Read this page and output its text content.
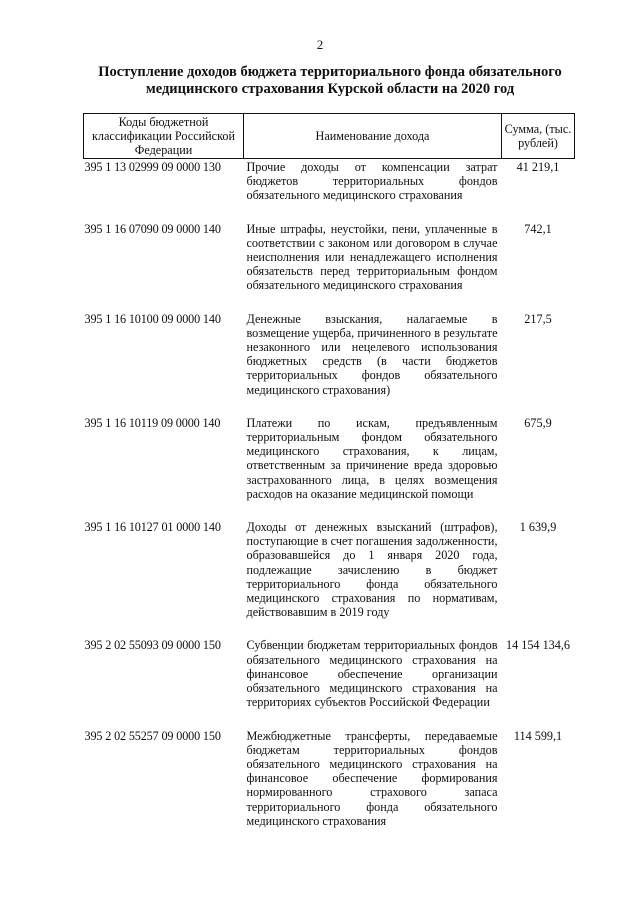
2
Поступление доходов бюджета территориального фонда обязательного
медицинского страхования Курской области на 2020 год
Коды бюджетной классификации Российской Федерации	Наименование дохода	Сумма, (тыс. рублей)
395 1 13 02999 09 0000 130	Прочие доходы от компенсации затрат бюджетов территориальных фондов обязательного медицинского страхования	41 219,1

395 1 16 07090 09 0000 140	Иные штрафы, неустойки, пени, уплаченные в соответствии с законом или договором в случае неисполнения или ненадлежащего исполнения обязательств перед территориальным фондом обязательного медицинского страхования	742,1

395 1 16 10100 09 0000 140	Денежные взыскания, налагаемые в возмещение ущерба, причиненного в результате незаконного или нецелевого использования бюджетных средств (в части бюджетов территориальных фондов обязательного медицинского страхования)	217,5

395 1 16 10119 09 0000 140	Платежи по искам, предъявленным территориальным фондом обязательного медицинского страхования, к лицам, ответственным за причинение вреда здоровью застрахованного лица, в целях возмещения расходов на оказание медицинской помощи	675,9

395 1 16 10127 01 0000 140	Доходы от денежных взысканий (штрафов), поступающие в счет погашения задолженности, образовавшейся до 1 января 2020 года, подлежащие зачислению в бюджет территориального фонда обязательного медицинского страхования по нормативам, действовавшим в 2019 году	1 639,9

395 2 02 55093 09 0000 150	Субвенции бюджетам территориальных фондов обязательного медицинского страхования на финансовое обеспечение организации обязательного медицинского страхования на территориях субъектов Российской Федерации	14 154 134,6

395 2 02 55257 09 0000 150	Межбюджетные трансферты, передаваемые бюджетам территориальных фондов обязательного медицинского страхования на финансовое обеспечение формирования нормированного страхового запаса территориального фонда обязательного медицинского страхования	114 599,1
